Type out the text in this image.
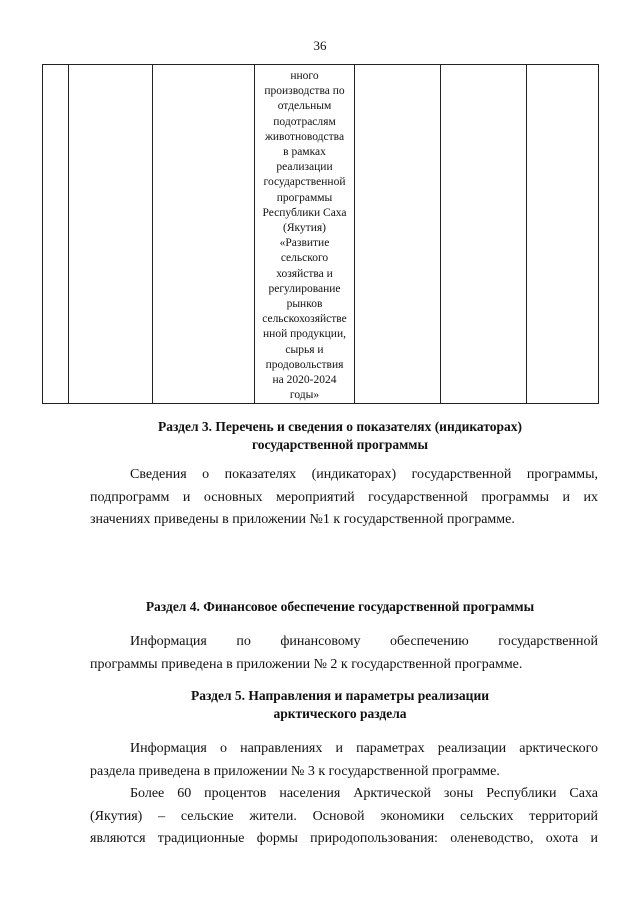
36

нного
производства по
отдельным
подотраслям
животноводства
в рамках
реализации
государственной
программы
Республики Саха
(Якутия)
«Развитие
сельского
хозяйства и
регулирование
рынков
сельскохозяйстве
нной продукции,
сырья и
продовольствия
на 2020-2024
годы»

Раздел 3. Перечень и сведения о показателях (индикаторах)
государственной программы
Сведения о показателях (индикаторах) государственной программы,
подпрограмм и основных мероприятий государственной программы и их
значениях приведены в приложении №1 к государственной программе.
Раздел 4. Финансовое обеспечение государственной программы
Информация по финансовому обеспечению государственной
программы приведена в приложении № 2 к государственной программе.
Раздел 5. Направления и параметры реализации
арктического раздела
Информация о направлениях и параметрах реализации арктического
раздела приведена в приложении № 3 к государственной программе.
Более 60 процентов населения Арктической зоны Республики Саха
(Якутия) – сельские жители. Основой экономики сельских территорий
являются традиционные формы природопользования: оленеводство, охота и
